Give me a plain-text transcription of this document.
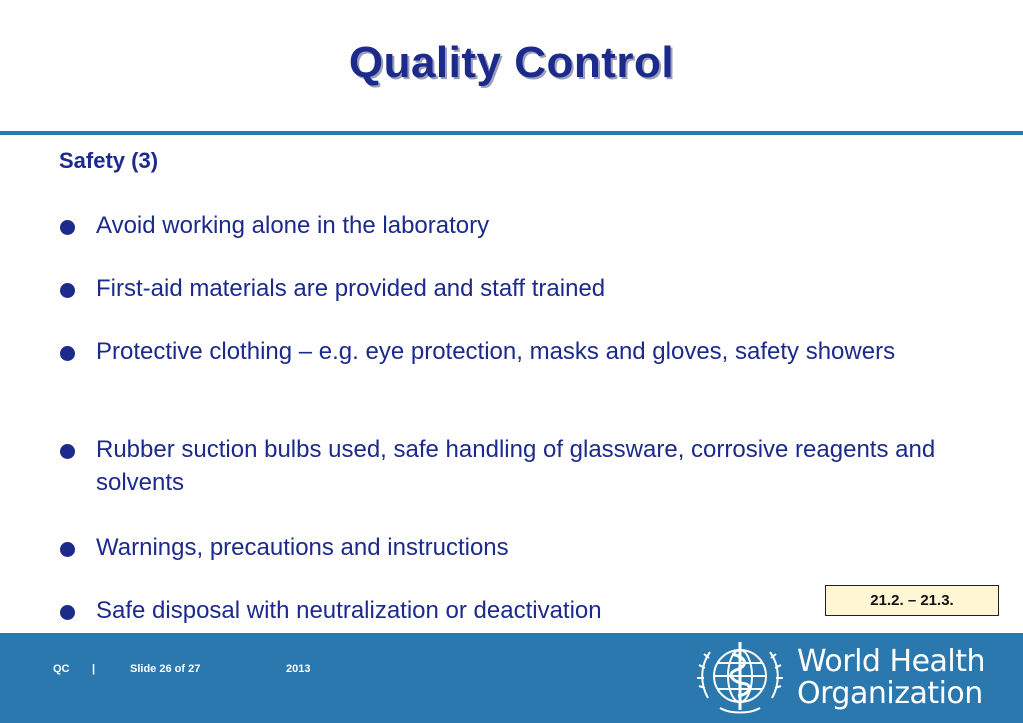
Quality Control
Safety (3)
Avoid working alone in the laboratory
First-aid materials are provided and staff trained
Protective clothing – e.g. eye protection, masks and gloves, safety showers
Rubber suction bulbs used, safe handling of glassware, corrosive reagents and solvents
Warnings, precautions and instructions
Safe disposal with neutralization or deactivation	21.2. – 21.3.
QC |	Slide 26 of 27	2013	World Health
Organization
